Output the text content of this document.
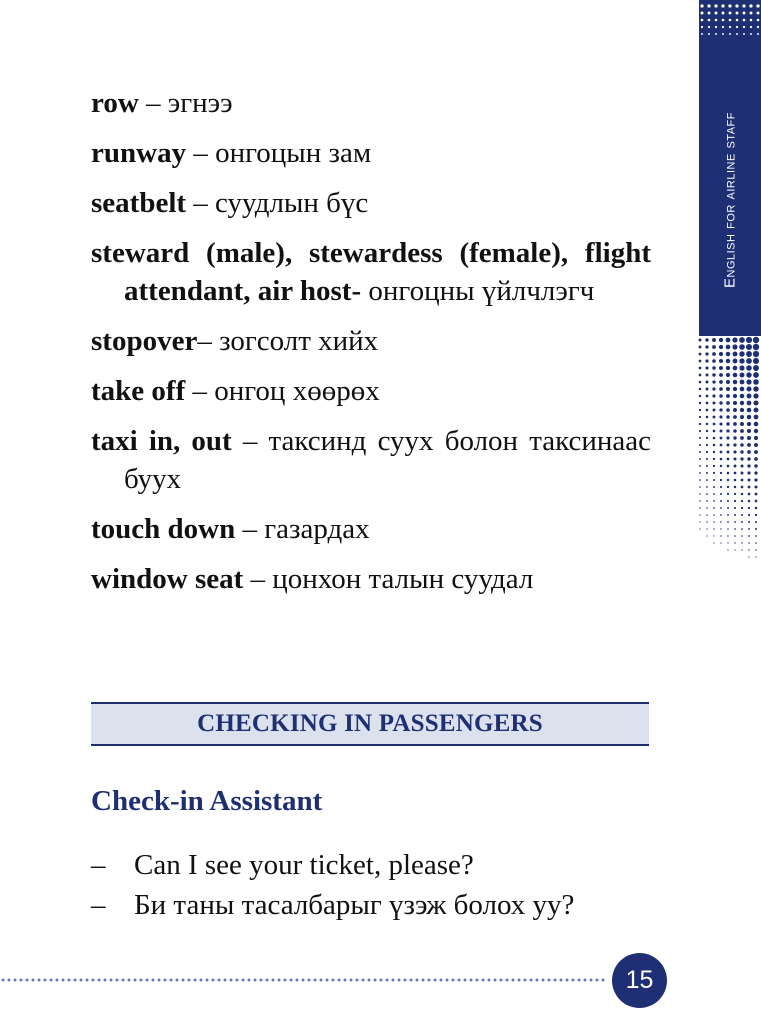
English for airline staff
row – эгнээ
runway – онгоцын зам
seatbelt – суудлын бүс
steward (male), stewardess (female), flight attendant, air host- онгоцны үйлчлэгч
stopover– зогсолт хийх
take off – онгоц хөөрөх
taxi in, out – таксинд суух болон таксинаас буух
touch down – газардах
window seat – цонхон талын суудал
CHECKING IN PASSENGERS
Check-in Assistant
– Can I see your ticket, please?
– Би таны тасалбарыг үзэж болох уу?
15
